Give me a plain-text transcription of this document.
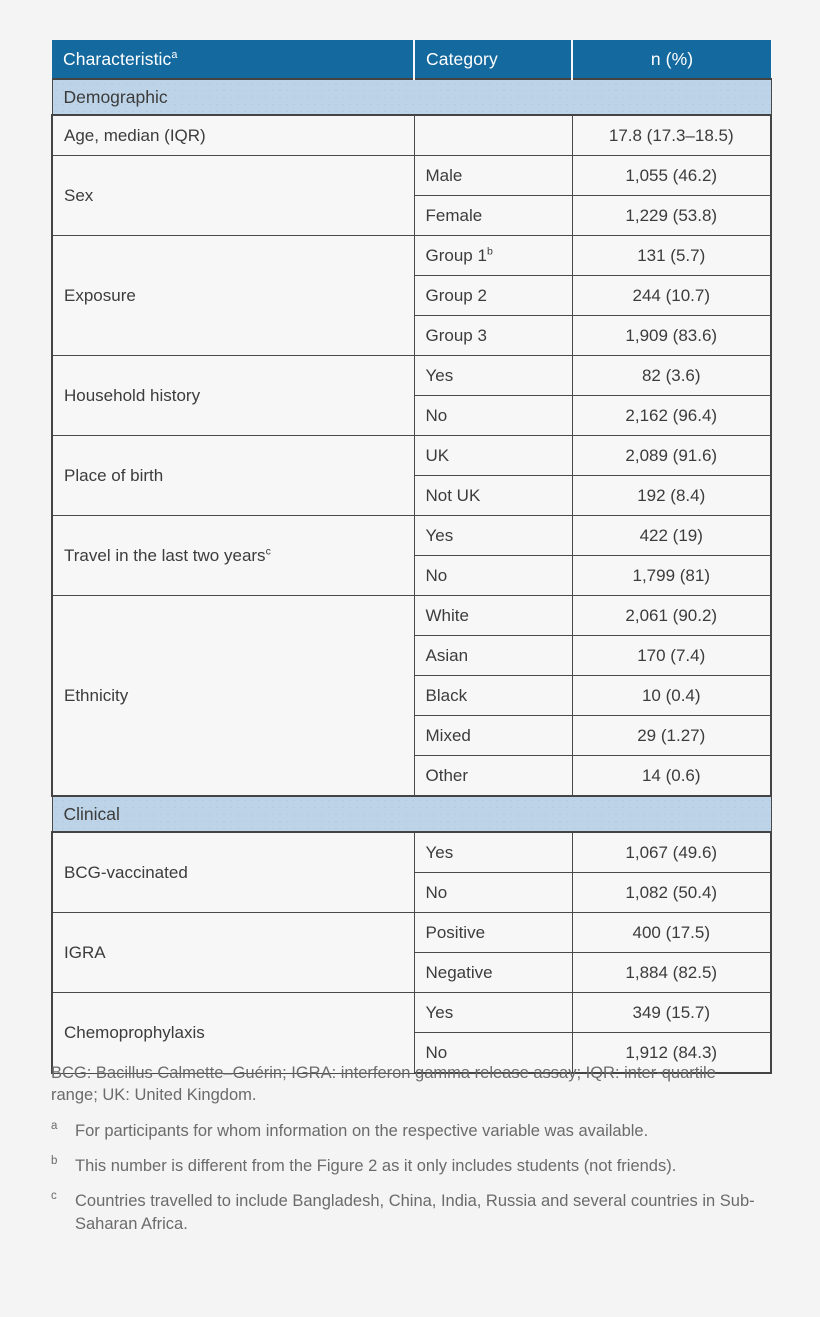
Characteristic$^a$	Category	n (%)
Demographic		
Age, median (IQR)		17.8 (17.3–18.5)
Sex	Male	1,055 (46.2)
	Female	1,229 (53.8)
Exposure	Group 1$^b$	131 (5.7)
	Group 2	244 (10.7)
	Group 3	1,909 (83.6)
Household history	Yes	82 (3.6)
	No	2,162 (96.4)
Place of birth	UK	2,089 (91.6)
	Not UK	192 (8.4)
Travel in the last two years$^c$	Yes	422 (19)
	No	1,799 (81)
Ethnicity	White	2,061 (90.2)
	Asian	170 (7.4)
	Black	10 (0.4)
	Mixed	29 (1.27)
	Other	14 (0.6)
Clinical		
BCG-vaccinated	Yes	1,067 (49.6)
	No	1,082 (50.4)
IGRA	Positive	400 (17.5)
	Negative	1,884 (82.5)
Chemoprophylaxis	Yes	349 (15.7)
	No	1,912 (84.3)

BCG: Bacillus Calmette–Guérin; IGRA: interferon gamma release assay; IQR: inter-quartile range; UK: United Kingdom.

a For participants for whom information on the respective variable was available.
b This number is different from the Figure 2 as it only includes students (not friends).
c Countries travelled to include Bangladesh, China, India, Russia and several countries in Sub-Saharan Africa.
